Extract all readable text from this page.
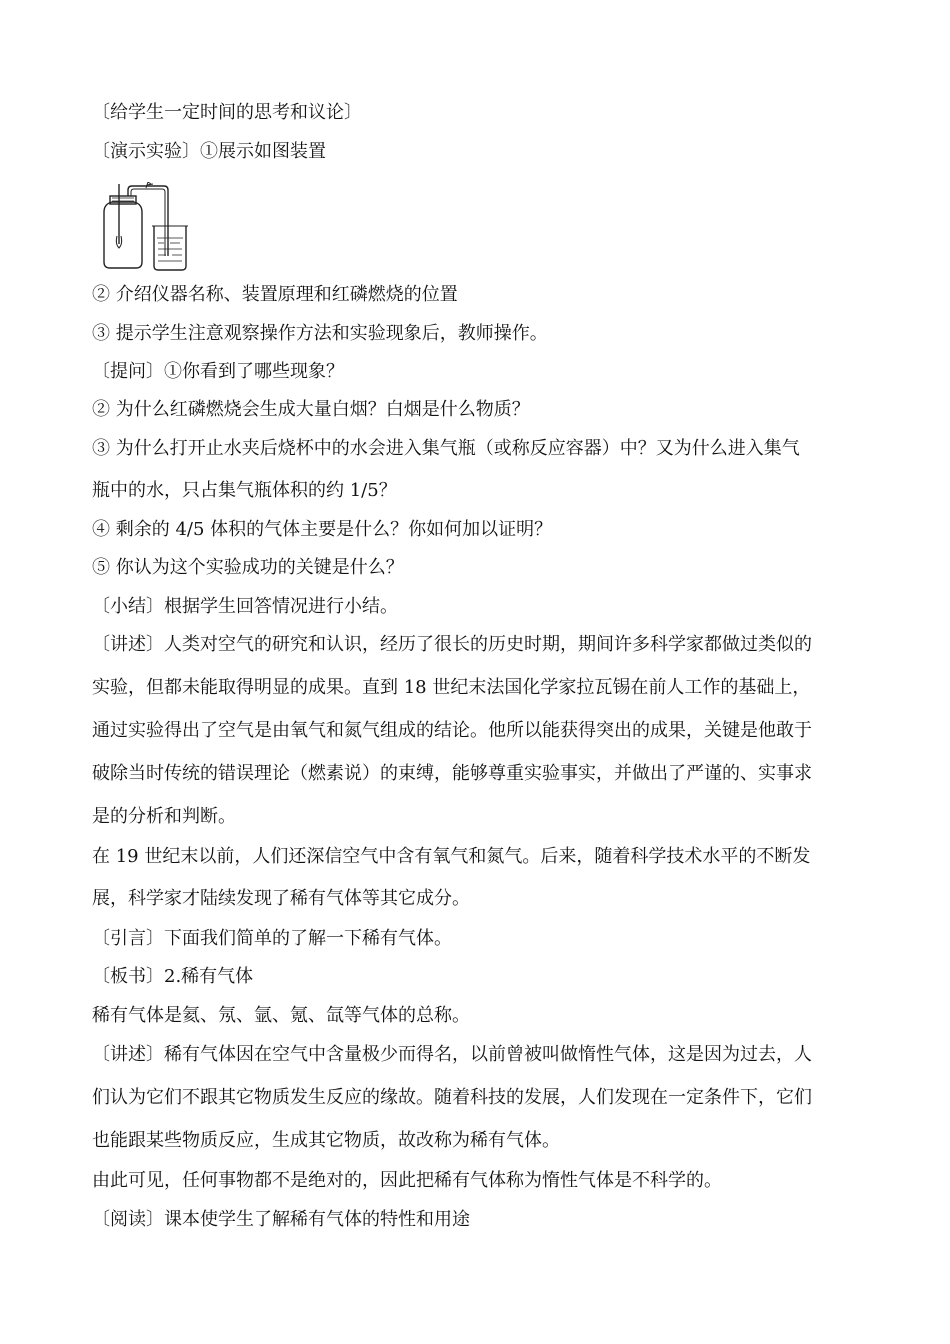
〔给学生一定时间的思考和议论〕
〔演示实验〕①展示如图装置
② 介绍仪器名称、装置原理和红磷燃烧的位置
③ 提示学生注意观察操作方法和实验现象后，教师操作。
〔提问〕①你看到了哪些现象？
② 为什么红磷燃烧会生成大量白烟？白烟是什么物质？
③ 为什么打开止水夹后烧杯中的水会进入集气瓶（或称反应容器）中？又为什么进入集气
瓶中的水，只占集气瓶体积的约 1/5？
④ 剩余的 4/5 体积的气体主要是什么？你如何加以证明？
⑤ 你认为这个实验成功的关键是什么？
〔小结〕根据学生回答情况进行小结。
〔讲述〕人类对空气的研究和认识，经历了很长的历史时期，期间许多科学家都做过类似的
实验，但都未能取得明显的成果。直到 18 世纪末法国化学家拉瓦锡在前人工作的基础上，
通过实验得出了空气是由氧气和氮气组成的结论。他所以能获得突出的成果，关键是他敢于
破除当时传统的错误理论（燃素说）的束缚，能够尊重实验事实，并做出了严谨的、实事求
是的分析和判断。
在 19 世纪末以前，人们还深信空气中含有氧气和氮气。后来，随着科学技术水平的不断发
展，科学家才陆续发现了稀有气体等其它成分。
〔引言〕下面我们简单的了解一下稀有气体。
〔板书〕2.稀有气体
稀有气体是氦、氖、氩、氪、氙等气体的总称。
〔讲述〕稀有气体因在空气中含量极少而得名，以前曾被叫做惰性气体，这是因为过去，人
们认为它们不跟其它物质发生反应的缘故。随着科技的发展，人们发现在一定条件下，它们
也能跟某些物质反应，生成其它物质，故改称为稀有气体。
由此可见，任何事物都不是绝对的，因此把稀有气体称为惰性气体是不科学的。
〔阅读〕课本使学生了解稀有气体的特性和用途
